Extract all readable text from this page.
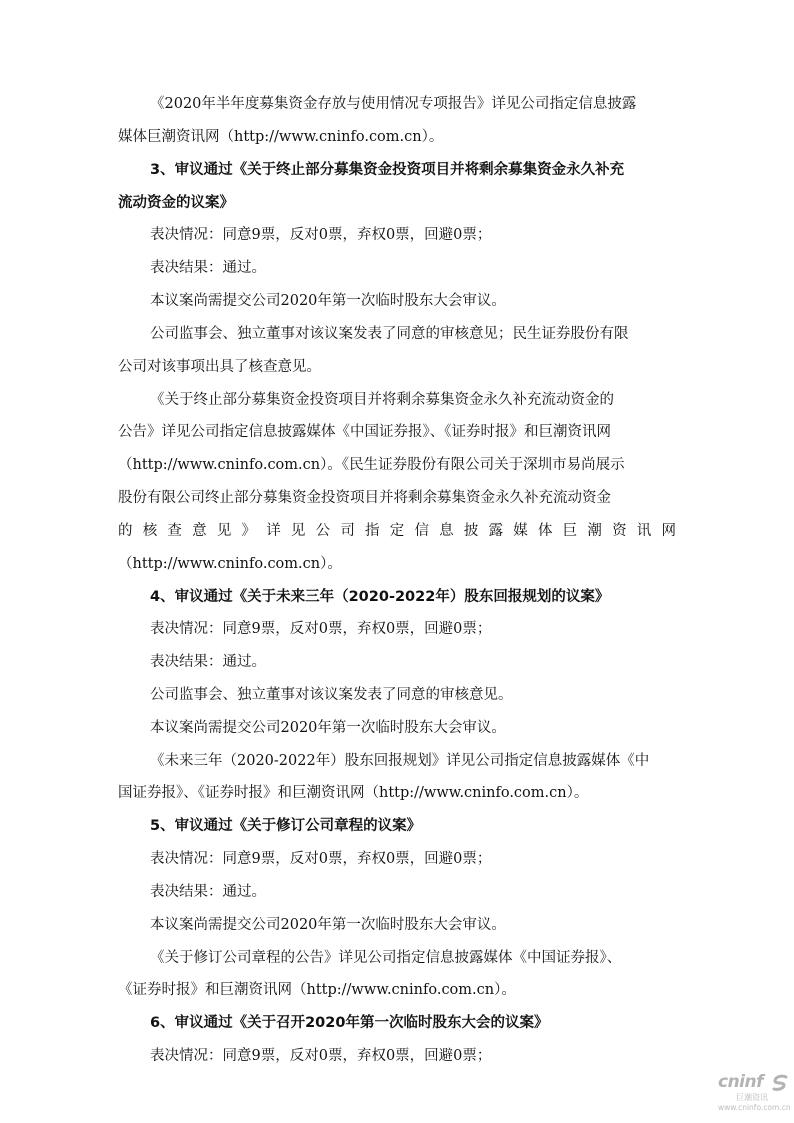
《2020年半年度募集资金存放与使用情况专项报告》详见公司指定信息披露
媒体巨潮资讯网（http://www.cninfo.com.cn）。
3、审议通过《关于终止部分募集资金投资项目并将剩余募集资金永久补充
流动资金的议案》
表决情况：同意9票，反对0票，弃权0票，回避0票；
表决结果：通过。
本议案尚需提交公司2020年第一次临时股东大会审议。
公司监事会、独立董事对该议案发表了同意的审核意见；民生证券股份有限
公司对该事项出具了核查意见。
《关于终止部分募集资金投资项目并将剩余募集资金永久补充流动资金的
公告》详见公司指定信息披露媒体《中国证券报》、《证券时报》和巨潮资讯网
（http://www.cninfo.com.cn）。《民生证券股份有限公司关于深圳市易尚展示
股份有限公司终止部分募集资金投资项目并将剩余募集资金永久补充流动资金
的核查意见》详见公司指定信息披露媒体巨潮资讯网
（http://www.cninfo.com.cn）。
4、审议通过《关于未来三年（2020-2022年）股东回报规划的议案》
表决情况：同意9票，反对0票，弃权0票，回避0票；
表决结果：通过。
公司监事会、独立董事对该议案发表了同意的审核意见。
本议案尚需提交公司2020年第一次临时股东大会审议。
《未来三年（2020-2022年）股东回报规划》详见公司指定信息披露媒体《中
国证券报》、《证券时报》和巨潮资讯网（http://www.cninfo.com.cn）。
5、审议通过《关于修订公司章程的议案》
表决情况：同意9票，反对0票，弃权0票，回避0票；
表决结果：通过。
本议案尚需提交公司2020年第一次临时股东大会审议。
《关于修订公司章程的公告》详见公司指定信息披露媒体《中国证券报》、
《证券时报》和巨潮资讯网（http://www.cninfo.com.cn）。
6、审议通过《关于召开2020年第一次临时股东大会的议案》
表决情况：同意9票，反对0票，弃权0票，回避0票；
cninf
巨潮资讯
www.cninfo.com.cn
